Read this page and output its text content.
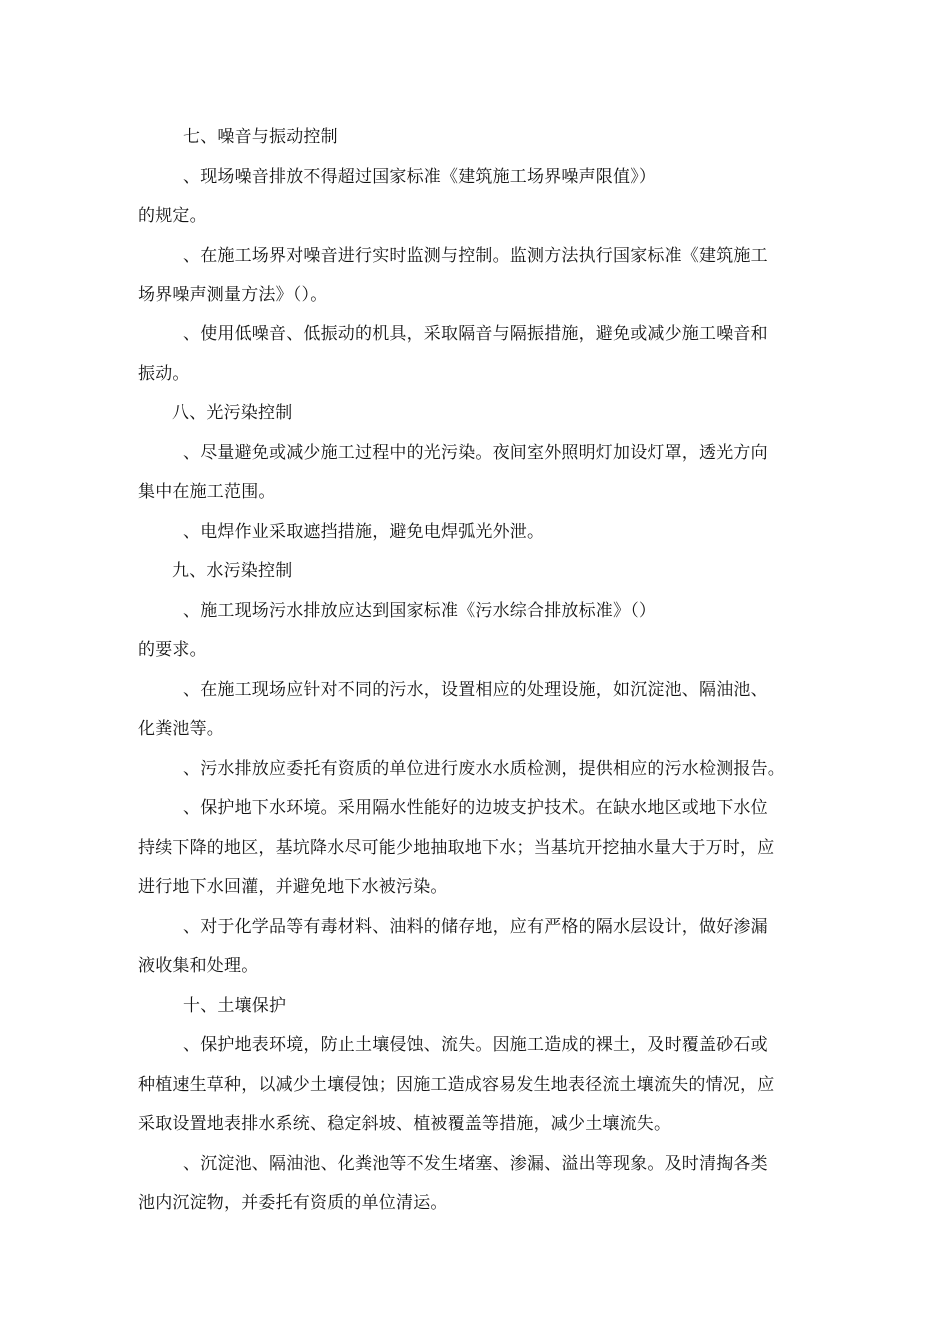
七、噪音与振动控制
、现场噪音排放不得超过国家标准《建筑施工场界噪声限值》）
的规定。
、在施工场界对噪音进行实时监测与控制。监测方法执行国家标准《建筑施工
场界噪声测量方法》（）。
、使用低噪音、低振动的机具，采取隔音与隔振措施，避免或减少施工噪音和
振动。
八、光污染控制
、尽量避免或减少施工过程中的光污染。夜间室外照明灯加设灯罩，透光方向
集中在施工范围。
、电焊作业采取遮挡措施，避免电焊弧光外泄。
九、水污染控制
、施工现场污水排放应达到国家标准《污水综合排放标准》（）
的要求。
、在施工现场应针对不同的污水，设置相应的处理设施，如沉淀池、隔油池、
化粪池等。
、污水排放应委托有资质的单位进行废水水质检测，提供相应的污水检测报告。
、保护地下水环境。采用隔水性能好的边坡支护技术。在缺水地区或地下水位
持续下降的地区，基坑降水尽可能少地抽取地下水；当基坑开挖抽水量大于万时，应
进行地下水回灌，并避免地下水被污染。
、对于化学品等有毒材料、油料的储存地，应有严格的隔水层设计，做好渗漏
液收集和处理。
十、土壤保护
、保护地表环境，防止土壤侵蚀、流失。因施工造成的裸土，及时覆盖砂石或
种植速生草种，以减少土壤侵蚀；因施工造成容易发生地表径流土壤流失的情况，应
采取设置地表排水系统、稳定斜坡、植被覆盖等措施，减少土壤流失。
、沉淀池、隔油池、化粪池等不发生堵塞、渗漏、溢出等现象。及时清掏各类
池内沉淀物，并委托有资质的单位清运。
